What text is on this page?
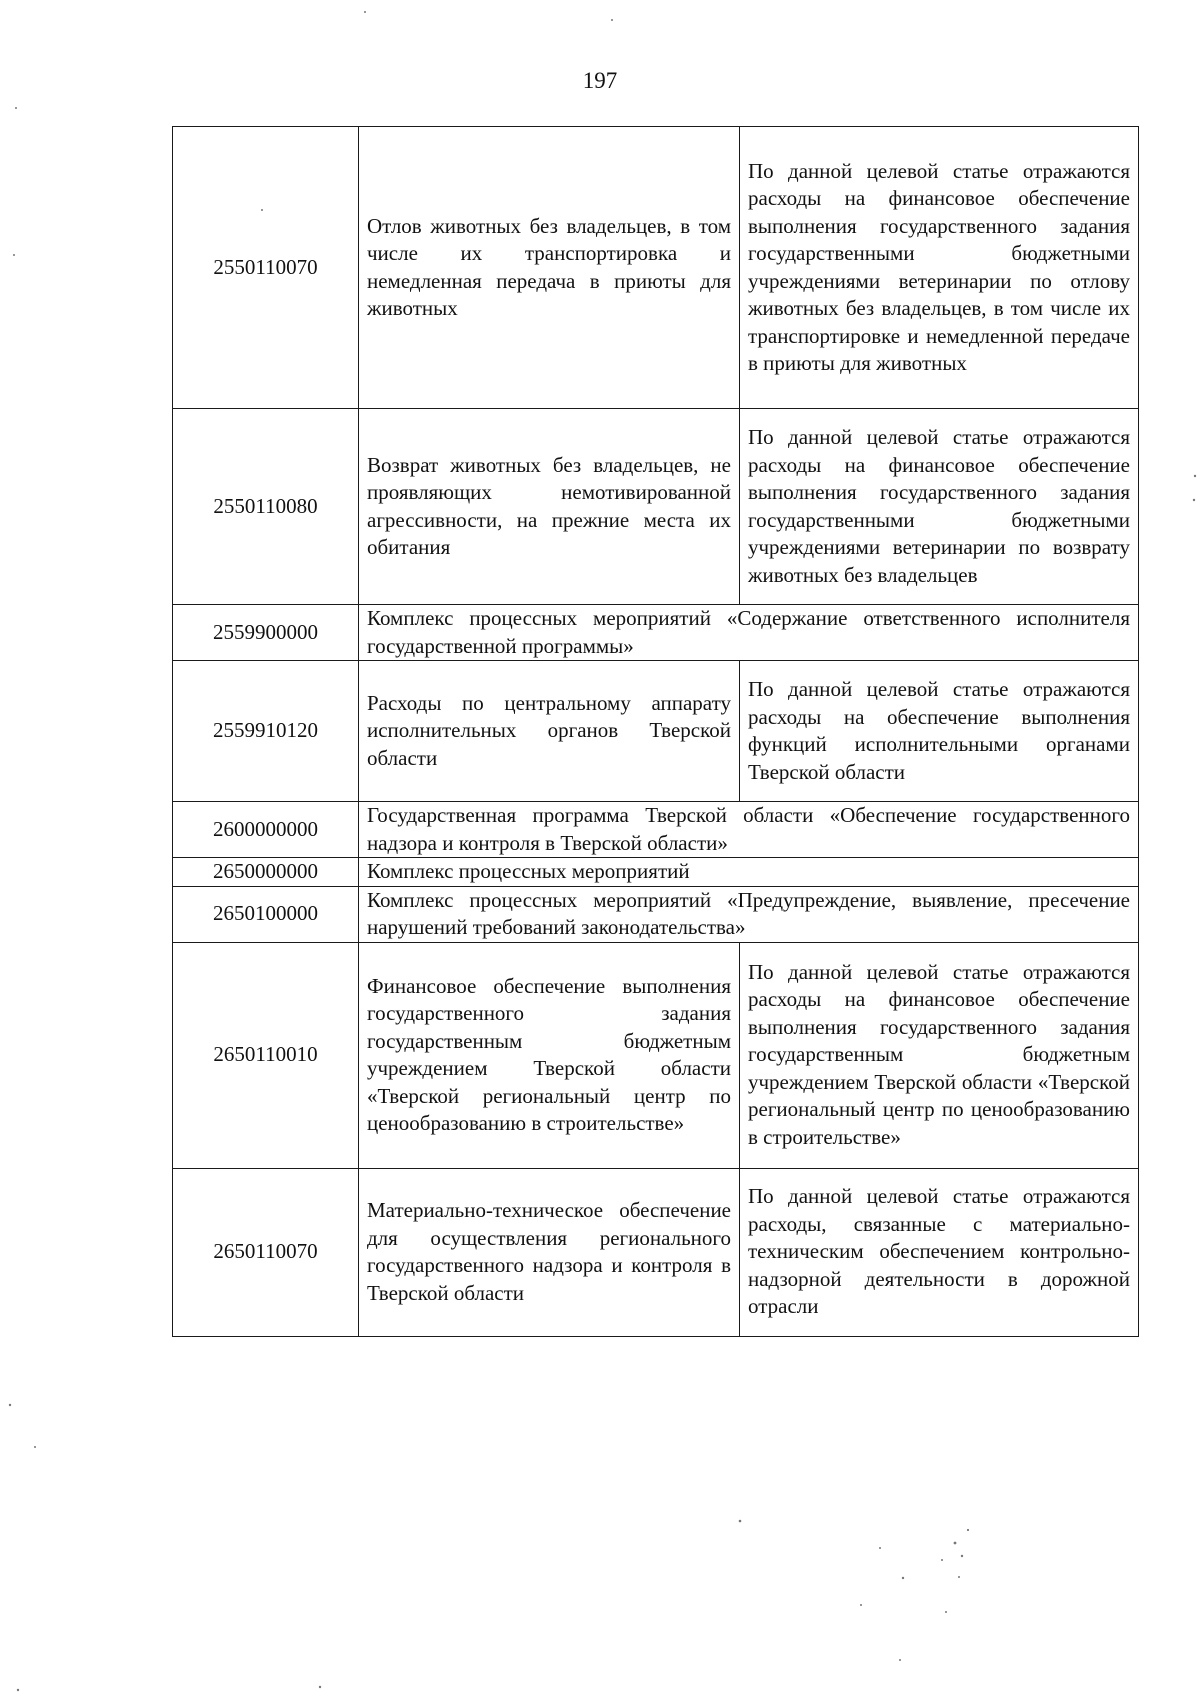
197
2550110070	Отлов животных без владельцев, в том числе их транспортировка и немедленная передача в приюты для животных	По данной целевой статье отражаются расходы на финансовое обеспечение выполнения государственного задания государственными бюджетными учреждениями ветеринарии по отлову животных без владельцев, в том числе их транспортировке и немедленной передаче в приюты для животных
2550110080	Возврат животных без владельцев, не проявляющих немотивированной агрессивности, на прежние места их обитания	По данной целевой статье отражаются расходы на финансовое обеспечение выполнения государственного задания государственными бюджетными учреждениями ветеринарии по возврату животных без владельцев
2559900000	Комплекс процессных мероприятий «Содержание ответственного исполнителя государственной программы»	
2559910120	Расходы по центральному аппарату исполнительных органов Тверской области	По данной целевой статье отражаются расходы на обеспечение выполнения функций исполнительными органами Тверской области
2600000000	Государственная программа Тверской области «Обеспечение государственного надзора и контроля в Тверской области»	
2650000000	Комплекс процессных мероприятий	
2650100000	Комплекс процессных мероприятий «Предупреждение, выявление, пресечение нарушений требований законодательства»	
2650110010	Финансовое обеспечение выполнения государственного задания государственным бюджетным учреждением Тверской области «Тверской региональный центр по ценообразованию в строительстве»	По данной целевой статье отражаются расходы на финансовое обеспечение выполнения государственного задания государственным бюджетным учреждением Тверской области «Тверской региональный центр по ценообразованию в строительстве»
2650110070	Материально-техническое обеспечение для осуществления регионального государственного надзора и контроля в Тверской области	По данной целевой статье отражаются расходы, связанные с материально-техническим обеспечением контрольно-надзорной деятельности в дорожной отрасли
